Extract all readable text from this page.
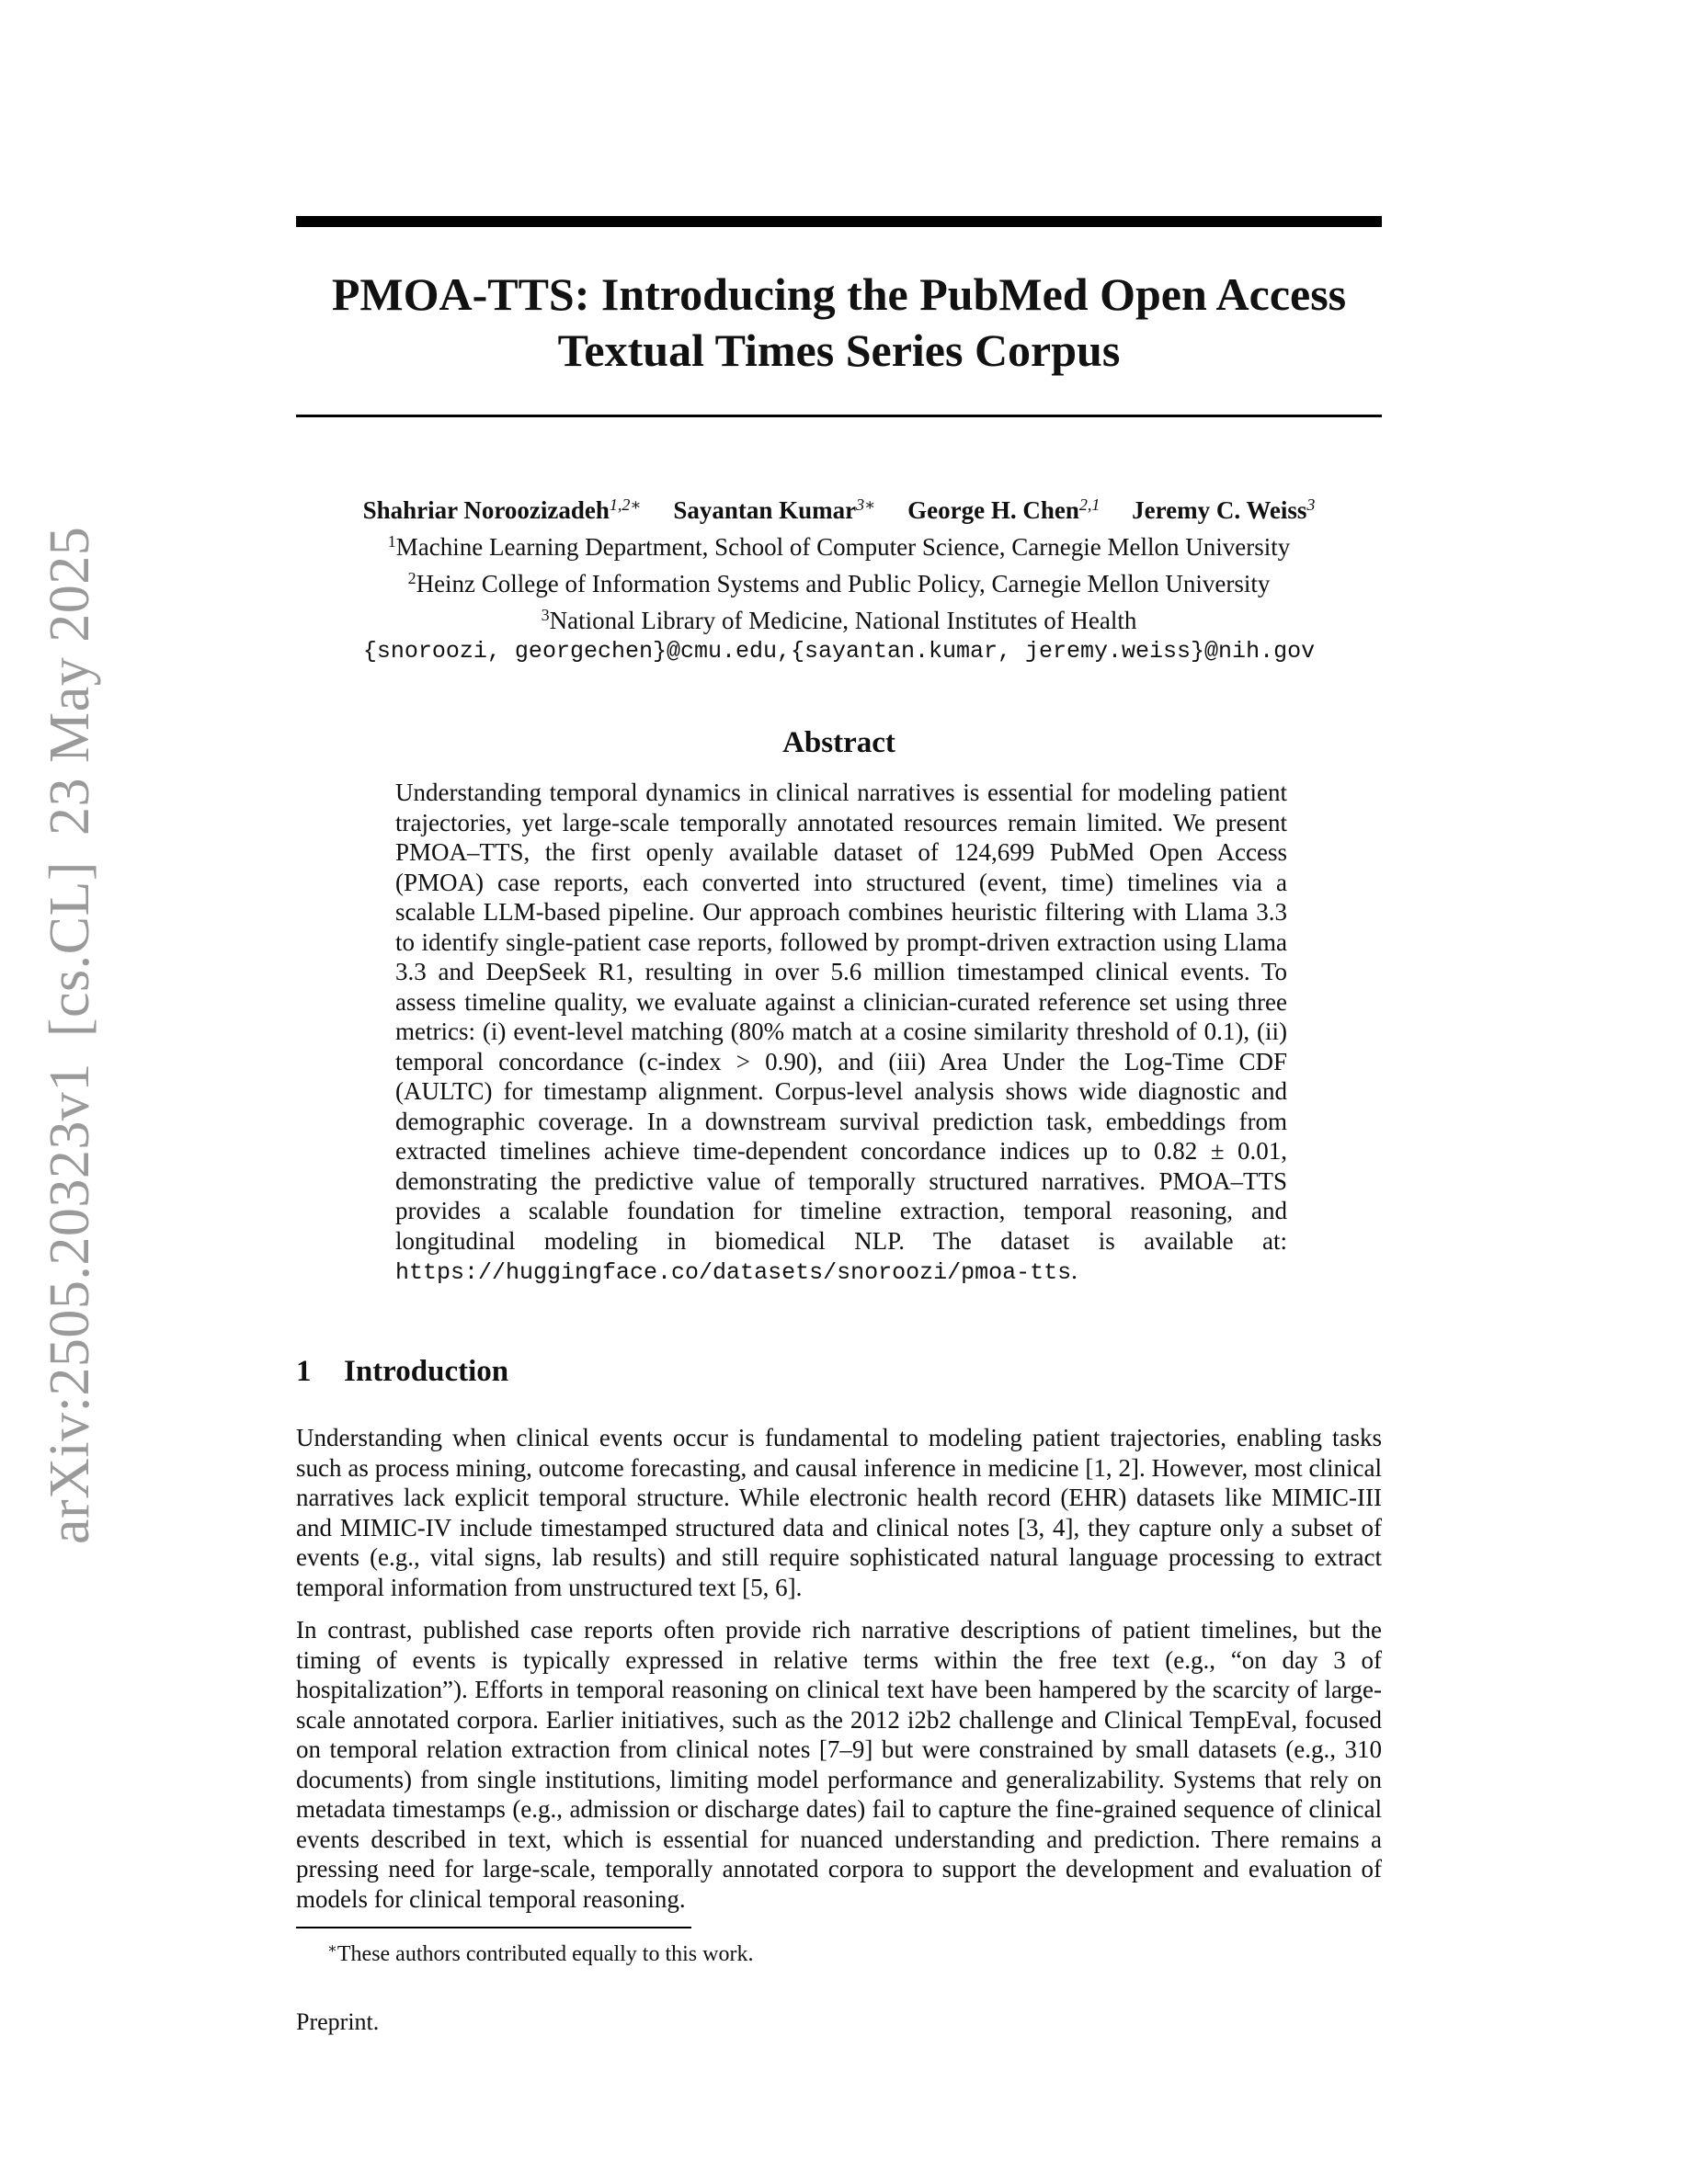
arXiv:2505.20323v1[cs.CL]23 May 2025
PMOA-TTS: Introducing the PubMed Open Access
Textual Times Series Corpus
Shahriar Noroozizadeh$^{1,2∗}$ Sayantan Kumar$^{3∗}$ George H. Chen$^{2,1}$ Jeremy C. Weiss$^3$
$^1$Machine Learning Department, School of Computer Science, Carnegie Mellon University
$^2$Heinz College of Information Systems and Public Policy, Carnegie Mellon University
$^3$National Library of Medicine, National Institutes of Health
{snoroozi, georgechen}@cmu.edu,{sayantan.kumar, jeremy.weiss}@nih.gov
Abstract
Understanding temporal dynamics in clinical narratives is essential for modeling patient trajectories, yet large-scale temporally annotated resources remain limited. We present PMOA–TTS, the first openly available dataset of 124,699 PubMed Open Access (PMOA) case reports, each converted into structured (event, time) timelines via a scalable LLM-based pipeline. Our approach combines heuristic filtering with Llama 3.3 to identify single-patient case reports, followed by prompt-driven extraction using Llama 3.3 and DeepSeek R1, resulting in over 5.6 million timestamped clinical events. To assess timeline quality, we evaluate against a clinician-curated reference set using three metrics: (i) event-level matching (80% match at a cosine similarity threshold of 0.1), (ii) temporal concordance (c-index > 0.90), and (iii) Area Under the Log-Time CDF (AULTC) for timestamp alignment. Corpus-level analysis shows wide diagnostic and demographic coverage. In a downstream survival prediction task, embeddings from extracted timelines achieve time-dependent concordance indices up to 0.82 ± 0.01, demonstrating the predictive value of temporally structured narratives. PMOA–TTS provides a scalable foundation for timeline extraction, temporal reasoning, and longitudinal modeling in biomedical NLP. The dataset is available at: https://huggingface.co/datasets/snoroozi/pmoa-tts.
1 Introduction

Understanding when clinical events occur is fundamental to modeling patient trajectories, enabling tasks such as process mining, outcome forecasting, and causal inference in medicine [1, 2]. However, most clinical narratives lack explicit temporal structure. While electronic health record (EHR) datasets like MIMIC-III and MIMIC-IV include timestamped structured data and clinical notes [3, 4], they capture only a subset of events (e.g., vital signs, lab results) and still require sophisticated natural language processing to extract temporal information from unstructured text [5, 6].

In contrast, published case reports often provide rich narrative descriptions of patient timelines, but the timing of events is typically expressed in relative terms within the free text (e.g., “on day 3 of hospitalization”). Efforts in temporal reasoning on clinical text have been hampered by the scarcity of large-scale annotated corpora. Earlier initiatives, such as the 2012 i2b2 challenge and Clinical TempEval, focused on temporal relation extraction from clinical notes [7–9] but were constrained by small datasets (e.g., 310 documents) from single institutions, limiting model performance and generalizability. Systems that rely on metadata timestamps (e.g., admission or discharge dates) fail to capture the fine-grained sequence of clinical events described in text, which is essential for nuanced understanding and prediction. There remains a pressing need for large-scale, temporally annotated corpora to support the development and evaluation of models for clinical temporal reasoning.

∗These authors contributed equally to this work.
Preprint.
